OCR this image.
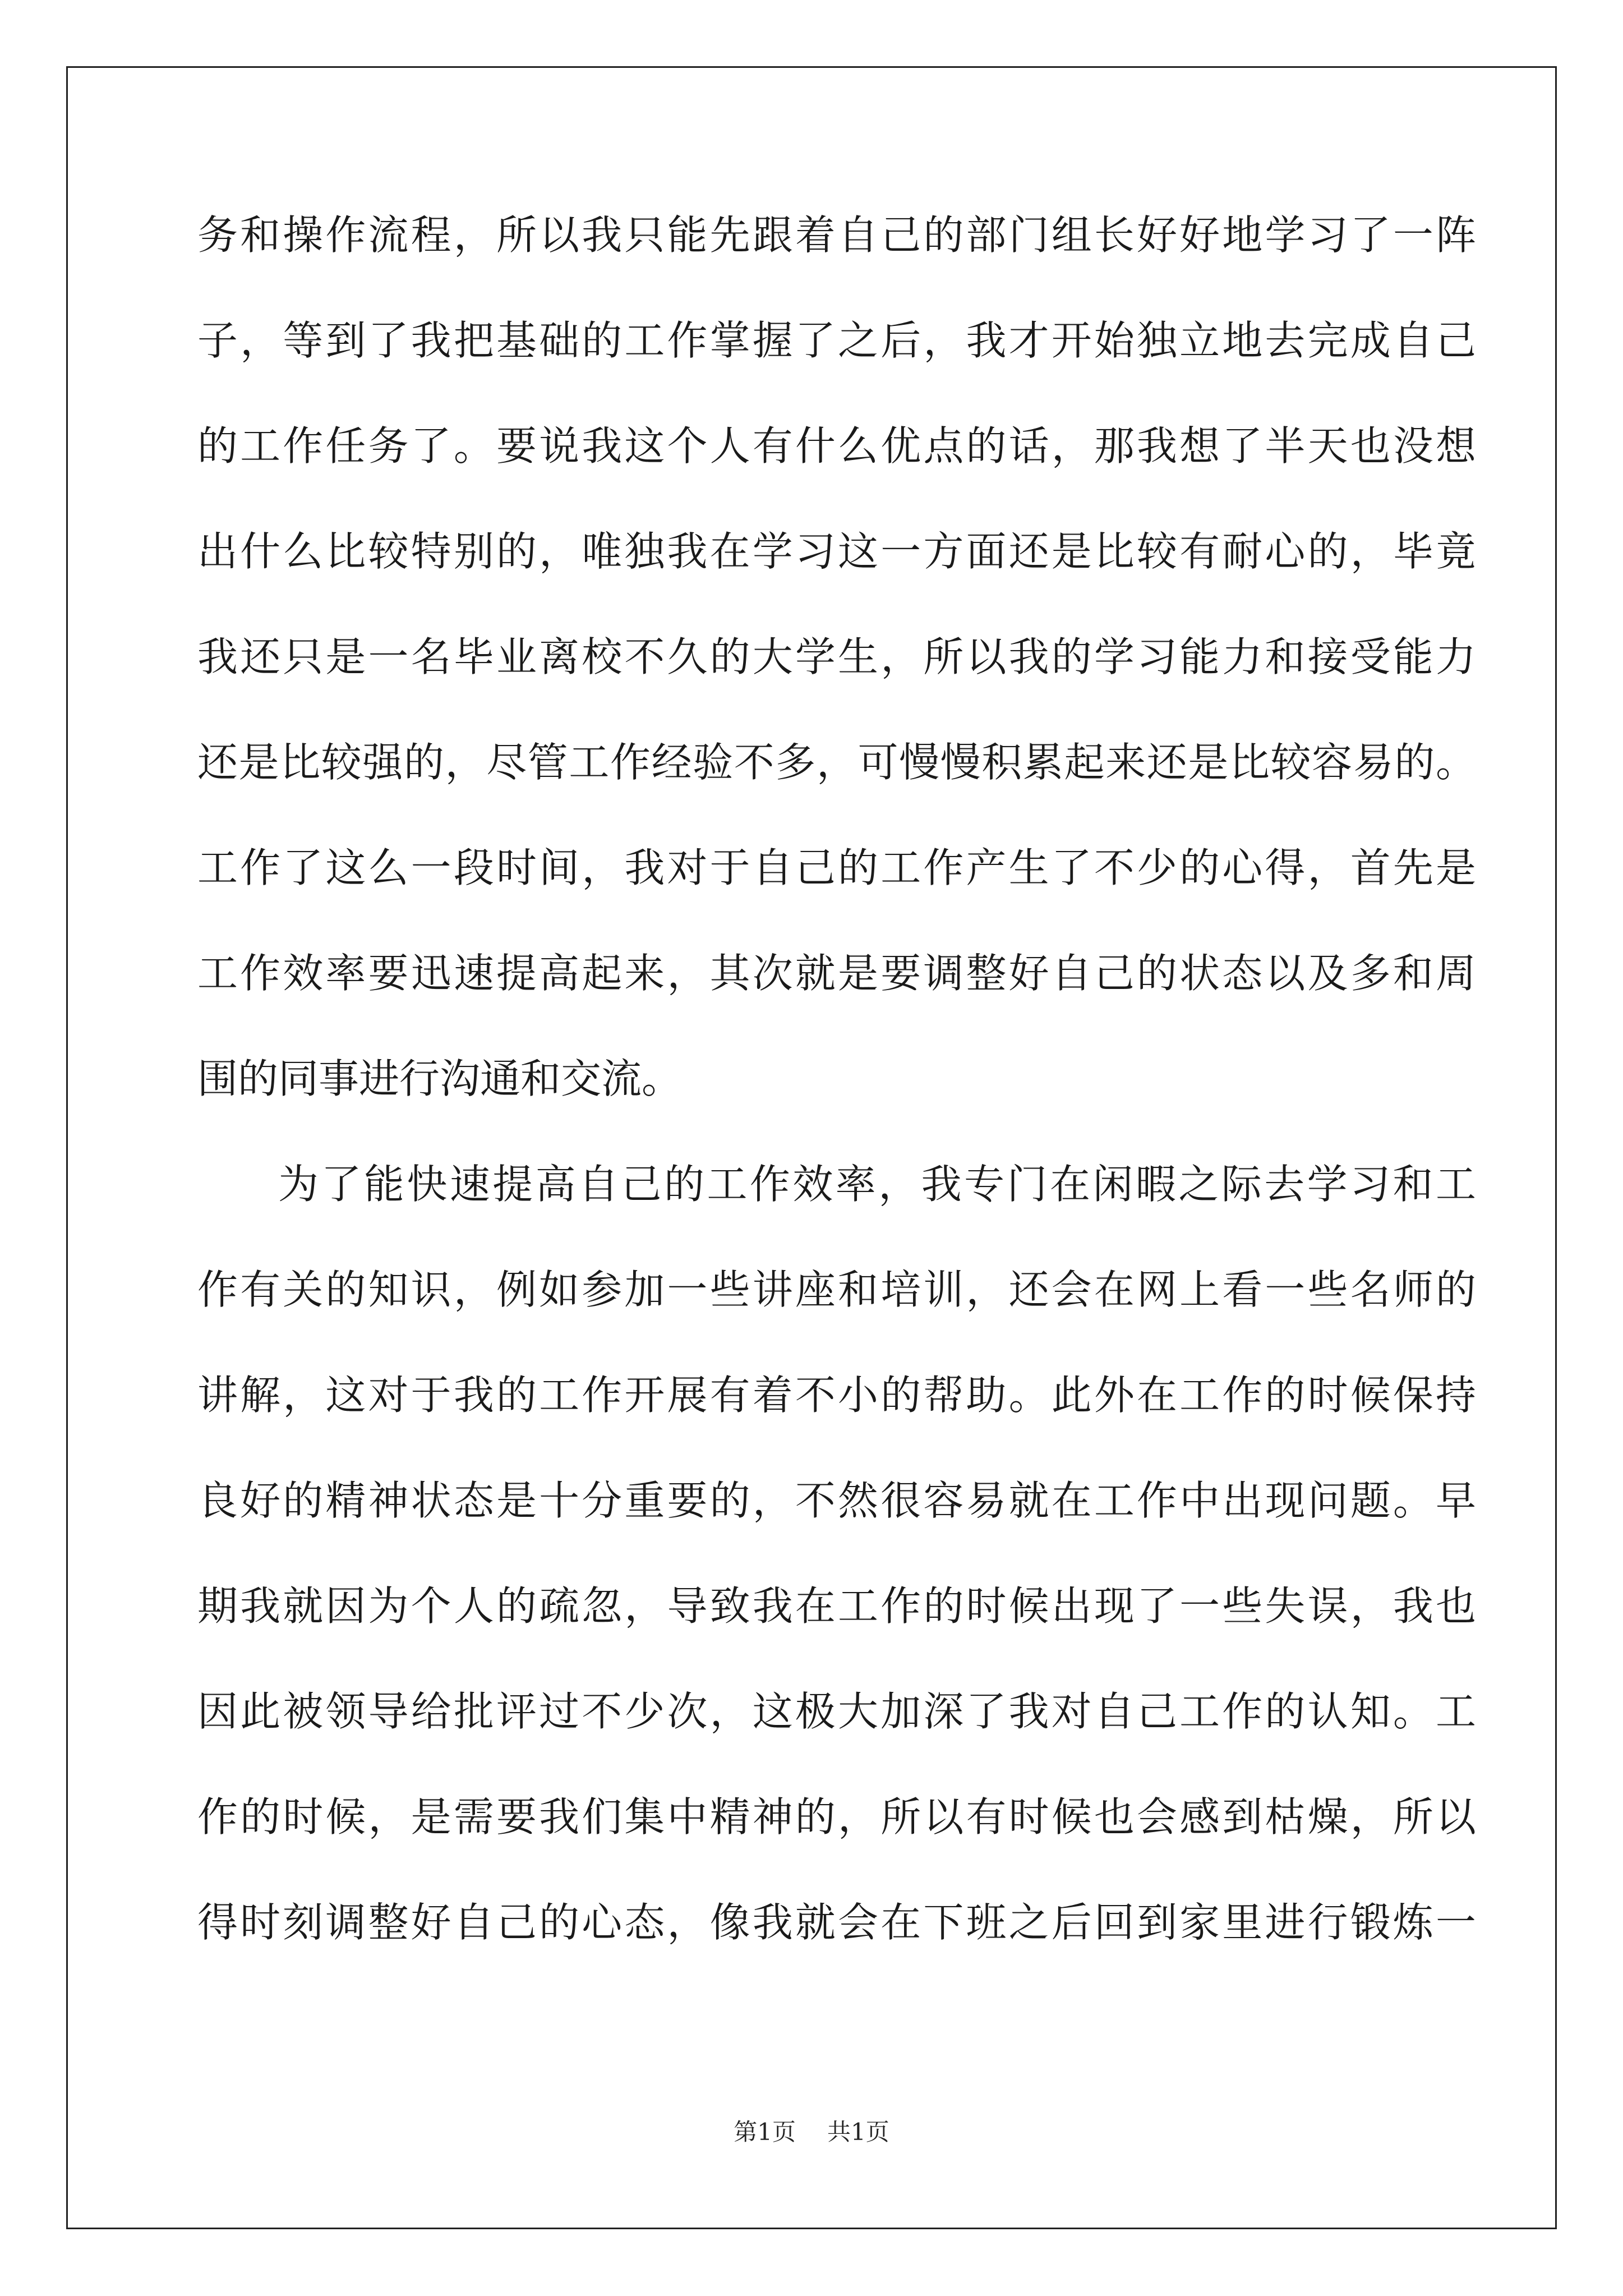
务和操作流程，所以我只能先跟着自己的部门组长好好地学习了一阵
子，等到了我把基础的工作掌握了之后，我才开始独立地去完成自己
的工作任务了。要说我这个人有什么优点的话，那我想了半天也没想
出什么比较特别的，唯独我在学习这一方面还是比较有耐心的，毕竟
我还只是一名毕业离校不久的大学生，所以我的学习能力和接受能力
还是比较强的，尽管工作经验不多，可慢慢积累起来还是比较容易的。
工作了这么一段时间，我对于自己的工作产生了不少的心得，首先是
工作效率要迅速提高起来，其次就是要调整好自己的状态以及多和周
围的同事进行沟通和交流。
为了能快速提高自己的工作效率，我专门在闲暇之际去学习和工
作有关的知识，例如参加一些讲座和培训，还会在网上看一些名师的
讲解，这对于我的工作开展有着不小的帮助。此外在工作的时候保持
良好的精神状态是十分重要的，不然很容易就在工作中出现问题。早
期我就因为个人的疏忽，导致我在工作的时候出现了一些失误，我也
因此被领导给批评过不少次，这极大加深了我对自己工作的认知。工
作的时候，是需要我们集中精神的，所以有时候也会感到枯燥，所以
得时刻调整好自己的心态，像我就会在下班之后回到家里进行锻炼一
第1页 共1页
